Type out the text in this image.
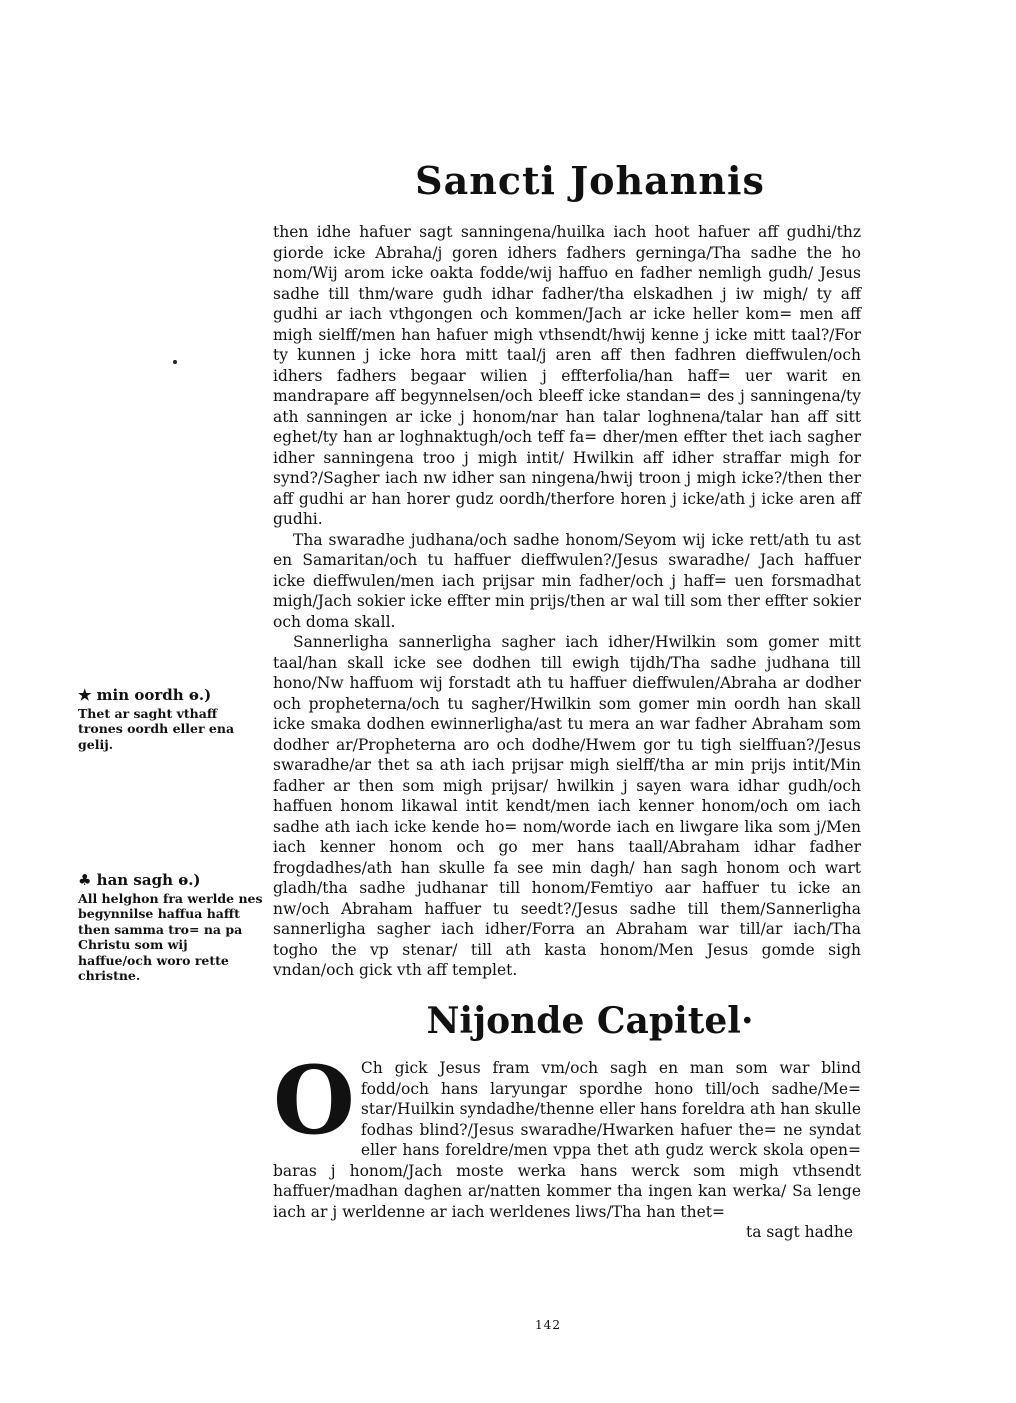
Sancti Johannis

then idhe hafuer sagt sanningena/huilka iach hoot hafuer aff gudhi/thz giorde icke Abraha/j goren idhers fadhers gerninga/Tha sadhe the ho nom/Wij arom icke oakta fodde/wij haffuo en fadher nemligh gudh/ Jesus sadhe till thm/ware gudh idhar fadher/tha elskadhen j iw migh/ ty aff gudhi ar iach vthgongen och kommen/Jach ar icke heller kom= men aff migh sielff/men han hafuer migh vthsendt/hwij kenne j icke mitt taal?/For ty kunnen j icke hora mitt taal/j aren aff then fadhren dieffwulen/och idhers fadhers begaar wilien j effterfolia/han haff= uer warit en mandrapare aff begynnelsen/och bleeff icke standan= des j sanningena/ty ath sanningen ar icke j honom/nar han talar loghnena/talar han aff sitt eghet/ty han ar loghnaktugh/och teff fa= dher/men effter thet iach sagher idher sanningena troo j migh intit/ Hwilkin aff idher straffar migh for synd?/Sagher iach nw idher san ningena/hwij troon j migh icke?/then ther aff gudhi ar han horer gudz oordh/therfore horen j icke/ath j icke aren aff gudhi.

Tha swaradhe judhana/och sadhe honom/Seyom wij icke rett/ath tu ast en Samaritan/och tu haffuer dieffwulen?/Jesus swaradhe/ Jach haffuer icke dieffwulen/men iach prijsar min fadher/och j haff= uen forsmadhat migh/Jach sokier icke effter min prijs/then ar wal till som ther effter sokier och doma skall.

Sannerligha sannerligha sagher iach idher/Hwilkin som gomer mitt taal/han skall icke see dodhen till ewigh tijdh/Tha sadhe judhana till hono/Nw haffuom wij forstadt ath tu haffuer dieffwulen/Abraha ar dodher och propheterna/och tu sagher/Hwilkin som gomer min oordh han skall icke smaka dodhen ewinnerligha/ast tu mera an war fadher Abraham som dodher ar/Propheterna aro och dodhe/Hwem gor tu tigh sielffuan?/Jesus swaradhe/ar thet sa ath iach prijsar migh sielff/tha ar min prijs intit/Min fadher ar then som migh prijsar/ hwilkin j sayen wara idhar gudh/och haffuen honom likawal intit kendt/men iach kenner honom/och om iach sadhe ath iach icke kende ho= nom/worde iach en liwgare lika som j/Men iach kenner honom och go mer hans taall/Abraham idhar fadher frogdadhes/ath han skulle fa see min dagh/ han sagh honom och wart gladh/tha sadhe judhanar till honom/Femtiyo aar haffuer tu icke an nw/och Abraham haffuer tu seedt?/Jesus sadhe till them/Sannerligha sannerligha sagher iach idher/Forra an Abraham war till/ar iach/Tha togho the vp stenar/ till ath kasta honom/Men Jesus gomde sigh vndan/och gick vth aff templet.

★ min oordh ⱺ.)
Thet ar saght vthaff trones oordh eller ena gelij.
♣ han sagh ⱺ.)
All helghon fra werlde nes begynnilse haffua hafft then samma tro= na pa Christu som wij haffue/och woro rette christne.
Nijonde Capitel·
O Ch gick Jesus fram vm/och sagh en man som war blind fodd/och hans laryungar spordhe hono till/och sadhe/Me= star/Huilkin syndadhe/thenne eller hans foreldra ath han skulle fodhas blind?/Jesus swaradhe/Hwarken hafuer the= ne syndat eller hans foreldre/men vppa thet ath gudz werck skola open= baras j honom/Jach moste werka hans werck som migh vthsendt haffuer/madhan daghen ar/natten kommer tha ingen kan werka/ Sa lenge iach ar j werldenne ar iach werldenes liws/Tha han thet=

ta sagt hadhe
142
